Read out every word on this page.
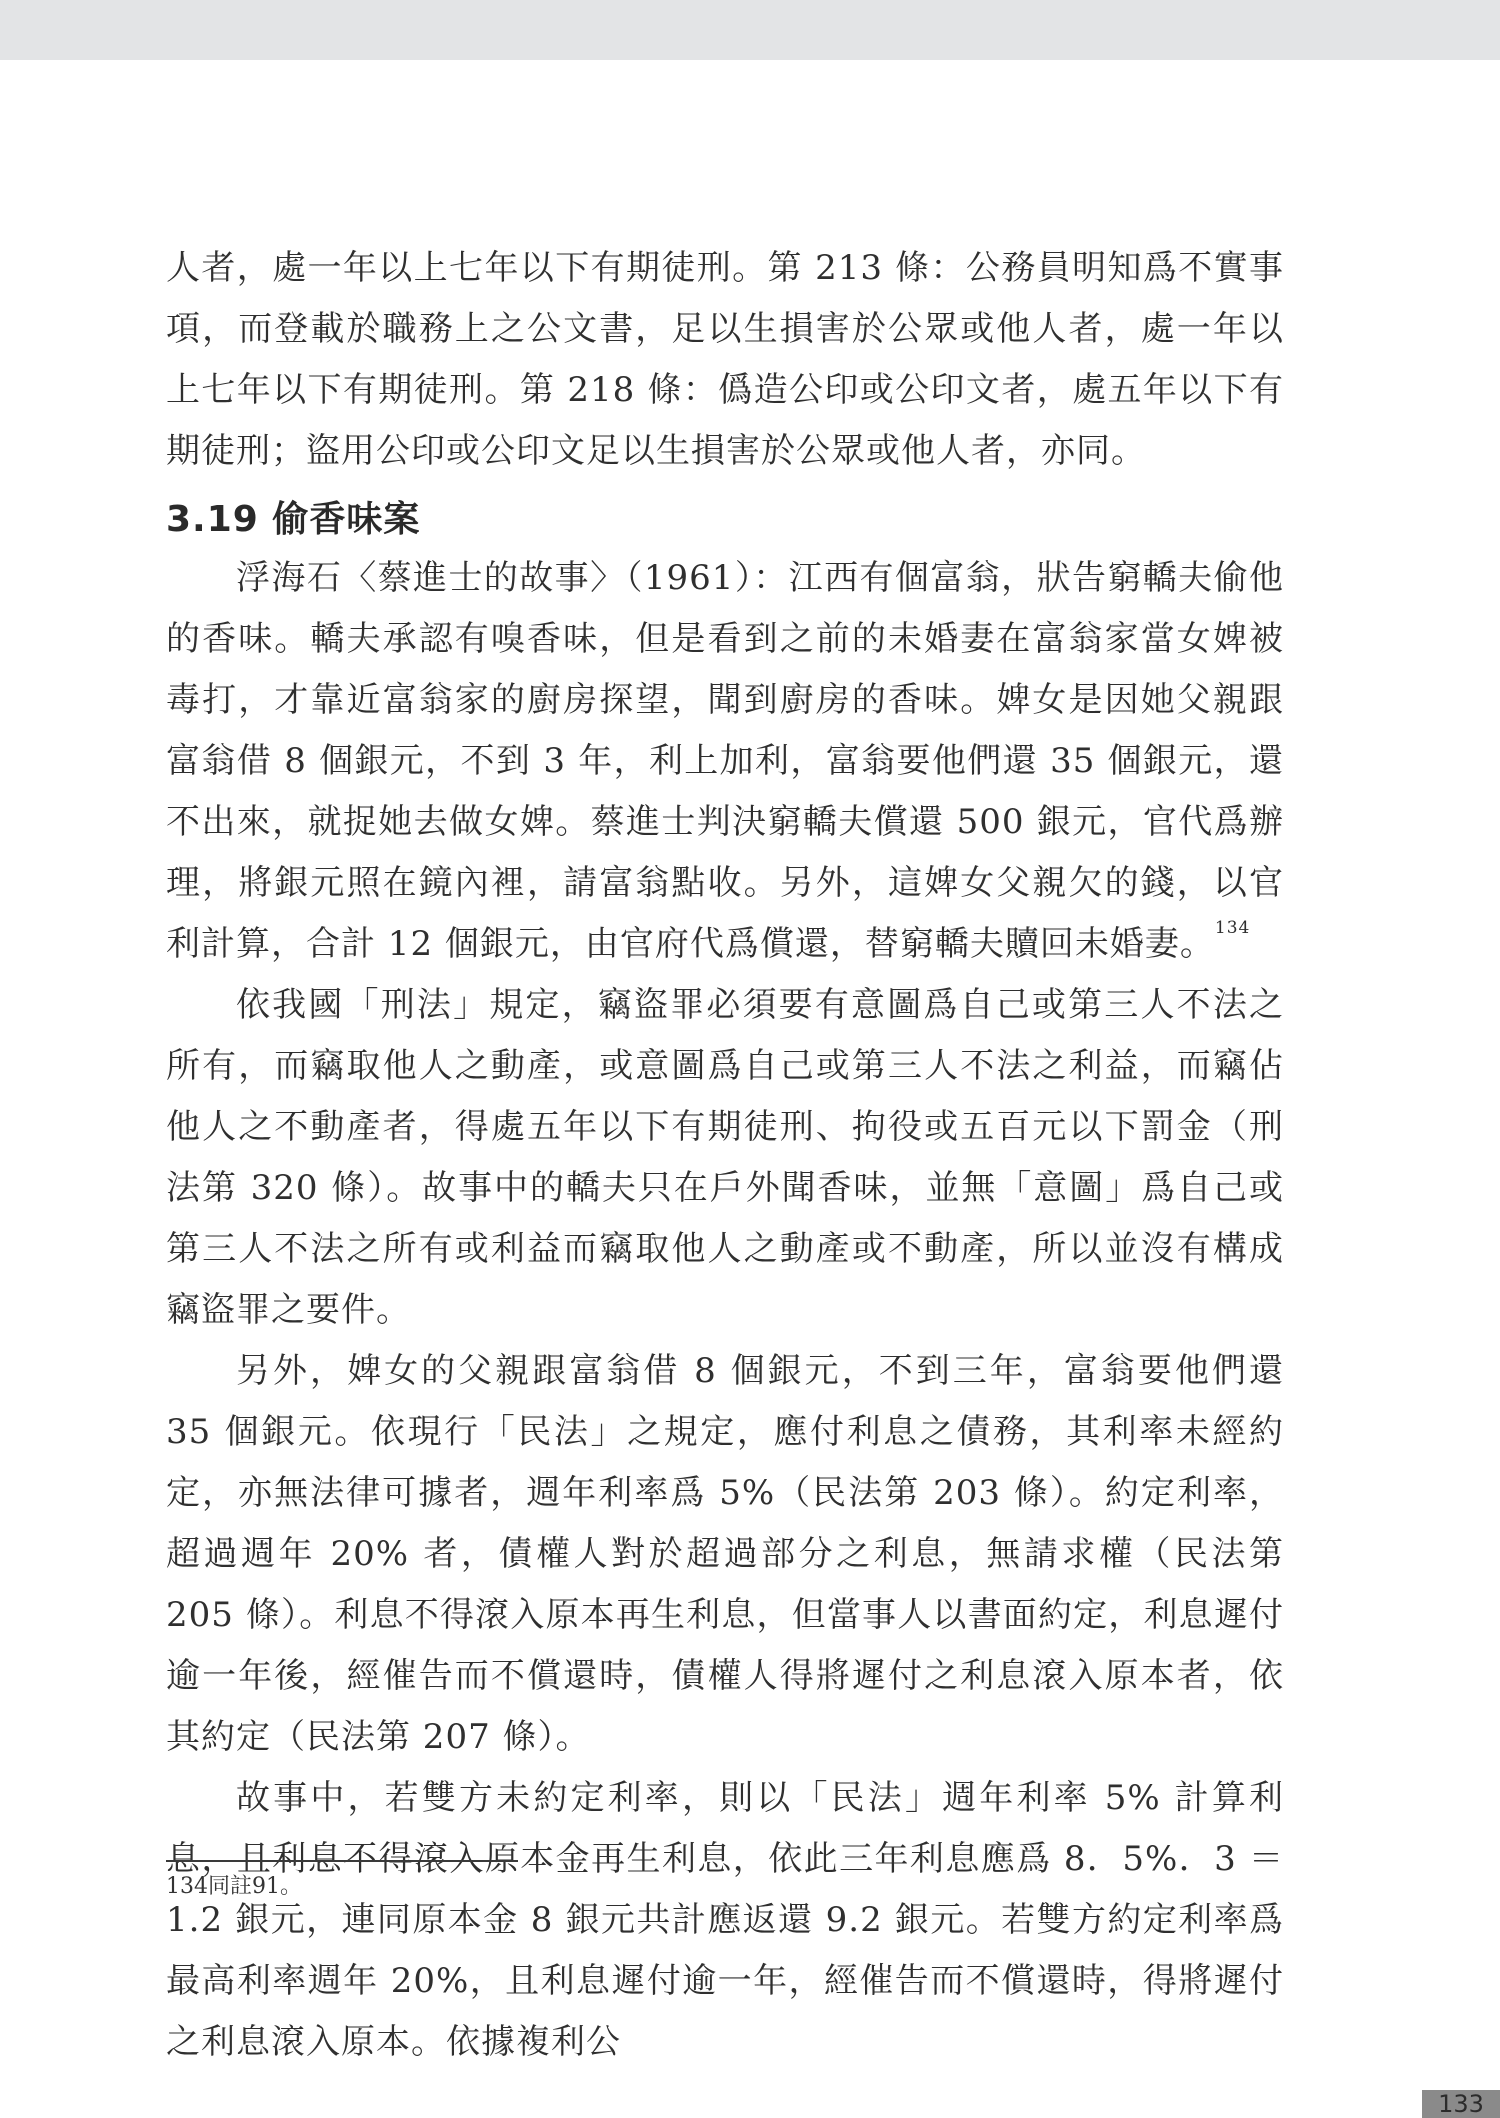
人者，處一年以上七年以下有期徒刑。第 213 條：公務員明知爲不實事項，而登載於職務上之公文書，足以生損害於公眾或他人者，處一年以上七年以下有期徒刑。第 218 條：僞造公印或公印文者，處五年以下有期徒刑；盜用公印或公印文足以生損害於公眾或他人者，亦同。

3.19 偷香味案

浮海石〈蔡進士的故事〉（1961）：江西有個富翁，狀告窮轎夫偷他的香味。轎夫承認有嗅香味，但是看到之前的未婚妻在富翁家當女婢被毒打，才靠近富翁家的廚房探望，聞到廚房的香味。婢女是因她父親跟富翁借 8 個銀元，不到 3 年，利上加利，富翁要他們還 35 個銀元，還不出來，就捉她去做女婢。蔡進士判決窮轎夫償還 500 銀元，官代爲辦理，將銀元照在鏡內裡，請富翁點收。另外，這婢女父親欠的錢，以官利計算，合計 12 個銀元，由官府代爲償還，替窮轎夫贖回未婚妻。$^{134}$

依我國「刑法」規定，竊盜罪必須要有意圖爲自己或第三人不法之所有，而竊取他人之動產，或意圖爲自己或第三人不法之利益，而竊佔他人之不動產者，得處五年以下有期徒刑、拘役或五百元以下罰金（刑法第 320 條）。故事中的轎夫只在戶外聞香味，並無「意圖」爲自己或第三人不法之所有或利益而竊取他人之動產或不動產，所以並沒有構成竊盜罪之要件。

另外，婢女的父親跟富翁借 8 個銀元，不到三年，富翁要他們還 35 個銀元。依現行「民法」之規定，應付利息之債務，其利率未經約定，亦無法律可據者，週年利率爲 5%（民法第 203 條）。約定利率，超過週年 20% 者，債權人對於超過部分之利息，無請求權（民法第 205 條）。利息不得滾入原本再生利息，但當事人以書面約定，利息遲付逾一年後，經催告而不償還時，債權人得將遲付之利息滾入原本者，依其約定（民法第 207 條）。

故事中，若雙方未約定利率，則以「民法」週年利率 5% 計算利息，且利息不得滾入原本金再生利息，依此三年利息應爲 8．5%．3 ＝ 1.2 銀元，連同原本金 8 銀元共計應返還 9.2 銀元。若雙方約定利率爲最高利率週年 20%，且利息遲付逾一年，經催告而不償還時，得將遲付之利息滾入原本。依據複利公

134同註91。
133
